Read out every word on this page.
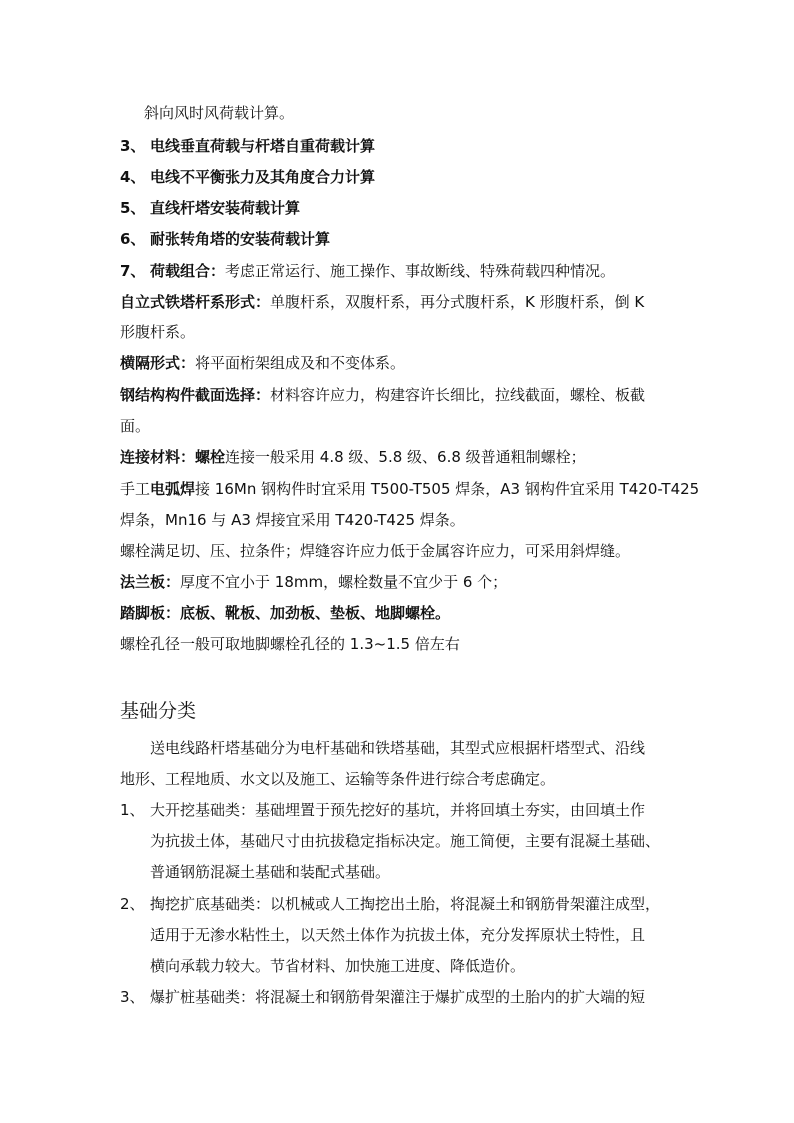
斜向风时风荷载计算。
3、 电线垂直荷载与杆塔自重荷载计算
4、 电线不平衡张力及其角度合力计算
5、 直线杆塔安装荷载计算
6、 耐张转角塔的安装荷载计算
7、 荷载组合：考虑正常运行、施工操作、事故断线、特殊荷载四种情况。
自立式铁塔杆系形式：单腹杆系，双腹杆系，再分式腹杆系，K 形腹杆系，倒 K
形腹杆系。
横隔形式：将平面桁架组成及和不变体系。
钢结构构件截面选择：材料容许应力，构建容许长细比，拉线截面，螺栓、板截
面。
连接材料：螺栓连接一般采用 4.8 级、5.8 级、6.8 级普通粗制螺栓；
手工电弧焊接 16Mn 钢构件时宜采用 T500-T505 焊条，A3 钢构件宜采用 T420-T425
焊条，Mn16 与 A3 焊接宜采用 T420-T425 焊条。
螺栓满足切、压、拉条件；焊缝容许应力低于金属容许应力，可采用斜焊缝。
法兰板：厚度不宜小于 18mm，螺栓数量不宜少于 6 个；
踏脚板：底板、靴板、加劲板、垫板、地脚螺栓。
螺栓孔径一般可取地脚螺栓孔径的 1.3~1.5 倍左右
基础分类
送电线路杆塔基础分为电杆基础和铁塔基础，其型式应根据杆塔型式、沿线
地形、工程地质、水文以及施工、运输等条件进行综合考虑确定。
1、 大开挖基础类：基础埋置于预先挖好的基坑，并将回填土夯实，由回填土作
为抗拔土体，基础尺寸由抗拔稳定指标决定。施工简便，主要有混凝土基础、
普通钢筋混凝土基础和装配式基础。
2、 掏挖扩底基础类：以机械或人工掏挖出土胎，将混凝土和钢筋骨架灌注成型，
适用于无渗水粘性土，以天然土体作为抗拔土体，充分发挥原状土特性，且
横向承载力较大。节省材料、加快施工进度、降低造价。
3、 爆扩桩基础类：将混凝土和钢筋骨架灌注于爆扩成型的土胎内的扩大端的短
